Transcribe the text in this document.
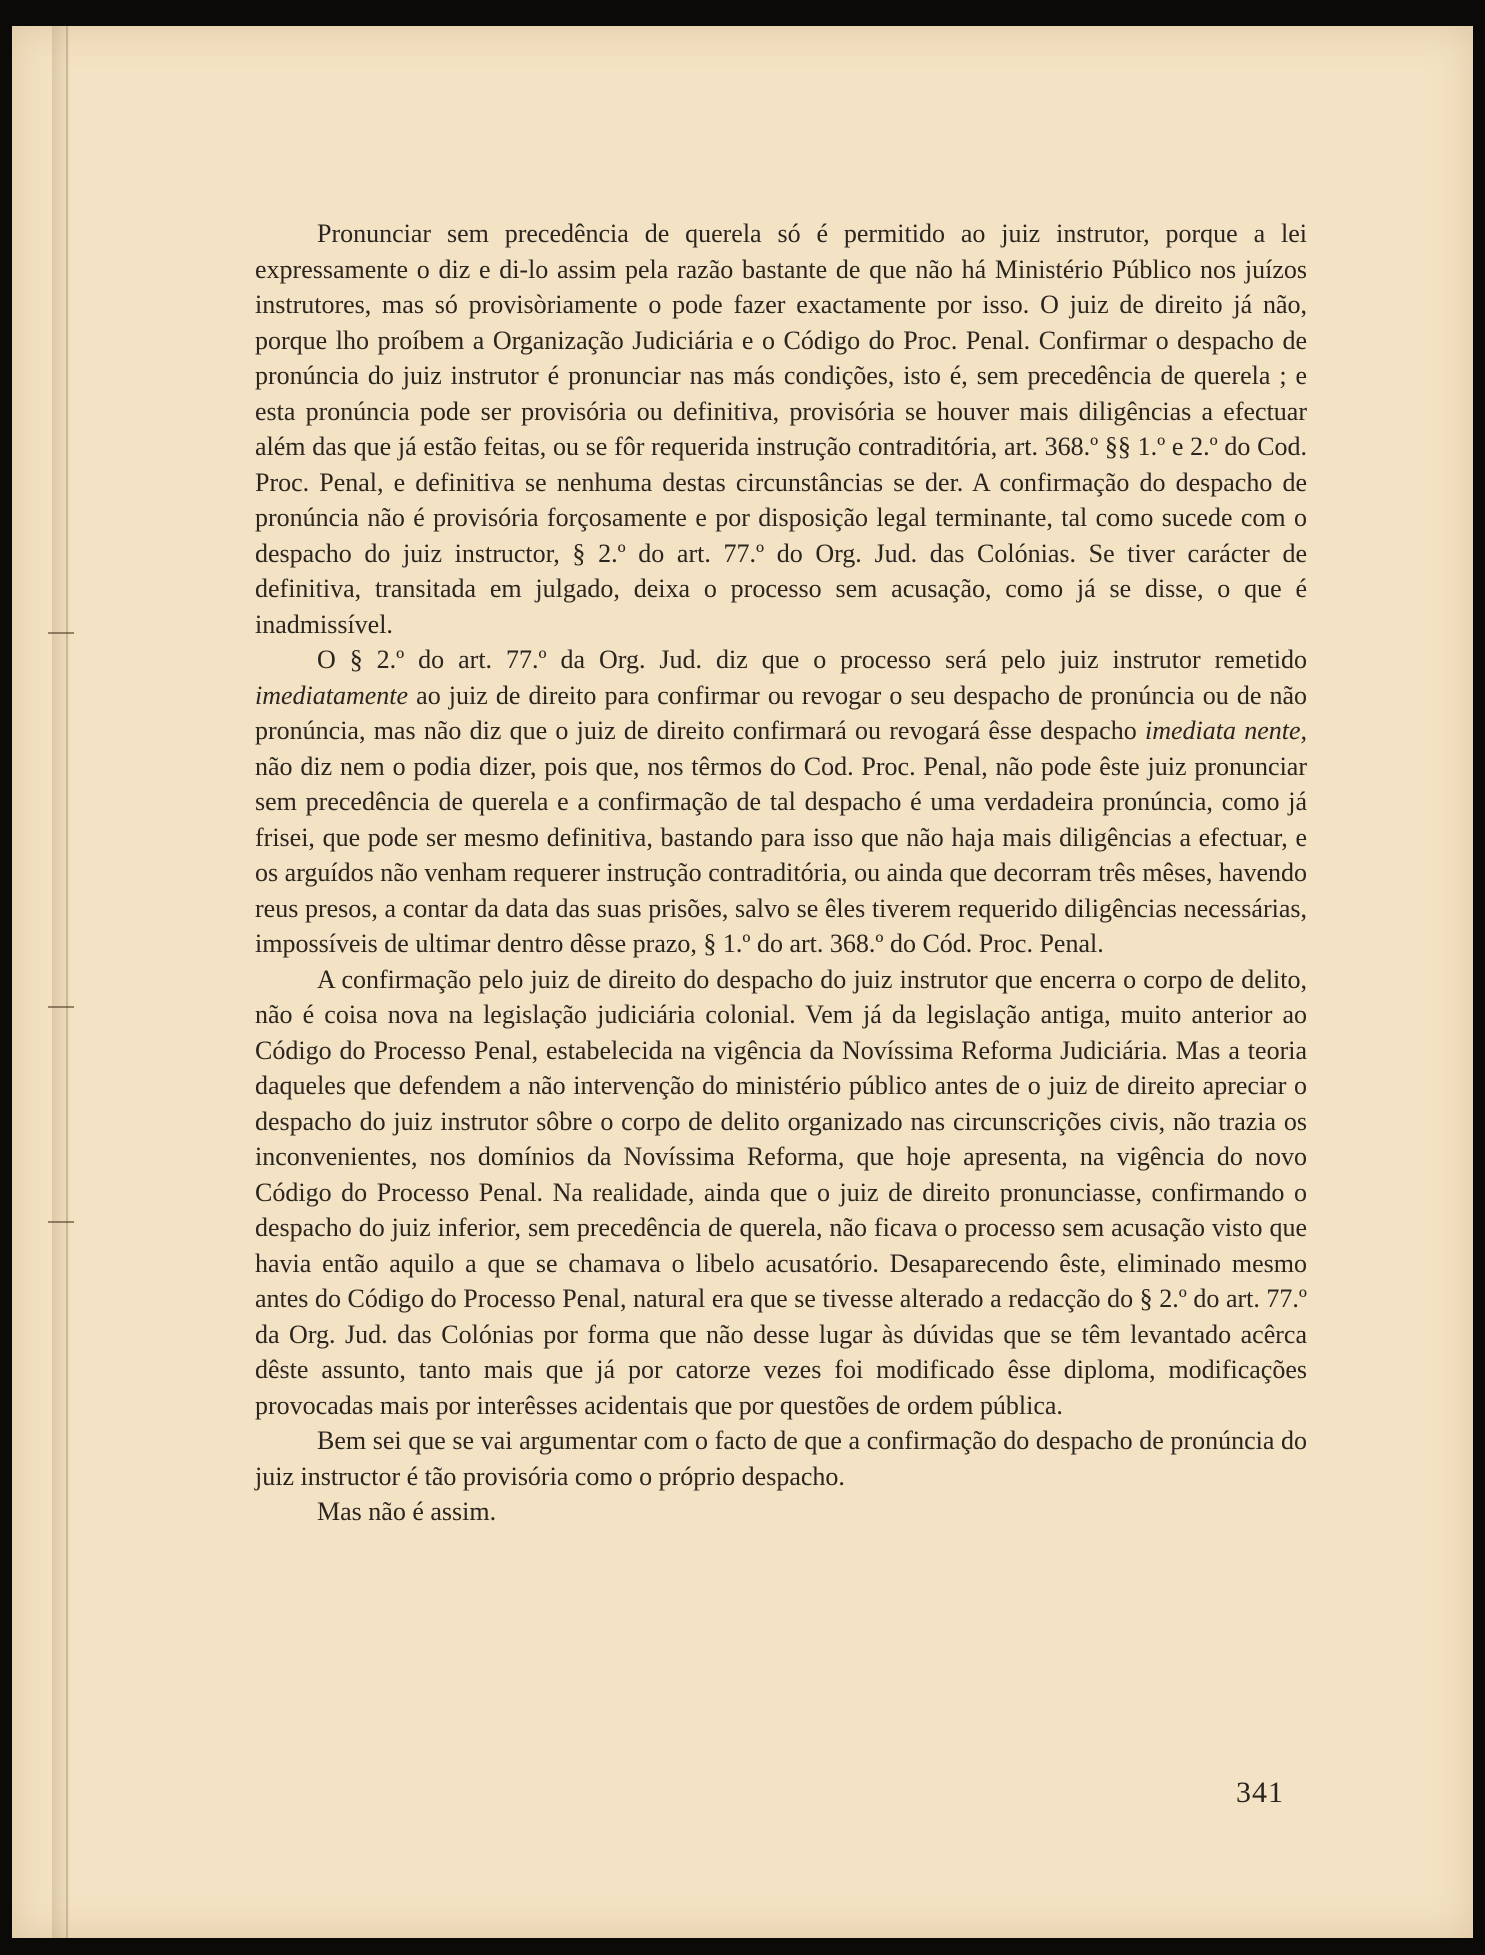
Pronunciar sem precedência de querela só é permitido ao juiz instrutor, porque a lei expressamente o diz e di-lo assim pela razão bastante de que não há Ministério Público nos juízos instrutores, mas só provisòriamente o pode fazer exactamente por isso. O juiz de direito já não, porque lho proíbem a Organização Judiciária e o Código do Proc. Penal. Confirmar o despacho de pronúncia do juiz instrutor é pronunciar nas más condições, isto é, sem precedência de querela ; e esta pronúncia pode ser provisória ou definitiva, provisória se houver mais diligências a efectuar além das que já estão feitas, ou se fôr requerida instrução contraditória, art. 368.º §§ 1.º e 2.º do Cod. Proc. Penal, e definitiva se nenhuma destas circunstâncias se der. A confirmação do despacho de pronúncia não é provisória forçosamente e por disposição legal terminante, tal como sucede com o despacho do juiz instructor, § 2.º do art. 77.º do Org. Jud. das Colónias. Se tiver carácter de definitiva, transitada em julgado, deixa o processo sem acusação, como já se disse, o que é inadmissível.

O § 2.º do art. 77.º da Org. Jud. diz que o processo será pelo juiz instrutor remetido imediatamente ao juiz de direito para confirmar ou revogar o seu despacho de pronúncia ou de não pronúncia, mas não diz que o juiz de direito confirmará ou revogará êsse despacho imediata nente, não diz nem o podia dizer, pois que, nos têrmos do Cod. Proc. Penal, não pode êste juiz pronunciar sem precedência de querela e a confirmação de tal despacho é uma verdadeira pronúncia, como já frisei, que pode ser mesmo definitiva, bastando para isso que não haja mais diligências a efectuar, e os arguídos não venham requerer instrução contraditória, ou ainda que decorram três mêses, havendo reus presos, a contar da data das suas prisões, salvo se êles tiverem requerido diligências necessárias, impossíveis de ultimar dentro dêsse prazo, § 1.º do art. 368.º do Cód. Proc. Penal.

A confirmação pelo juiz de direito do despacho do juiz instrutor que encerra o corpo de delito, não é coisa nova na legislação judiciária colonial. Vem já da legislação antiga, muito anterior ao Código do Processo Penal, estabelecida na vigência da Novíssima Reforma Judiciária. Mas a teoria daqueles que defendem a não intervenção do ministério público antes de o juiz de direito apreciar o despacho do juiz instrutor sôbre o corpo de delito organizado nas circunscrições civis, não trazia os inconvenientes, nos domínios da Novíssima Reforma, que hoje apresenta, na vigência do novo Código do Processo Penal. Na realidade, ainda que o juiz de direito pronunciasse, confirmando o despacho do juiz inferior, sem precedência de querela, não ficava o processo sem acusação visto que havia então aquilo a que se chamava o libelo acusatório. Desaparecendo êste, eliminado mesmo antes do Código do Processo Penal, natural era que se tivesse alterado a redacção do § 2.º do art. 77.º da Org. Jud. das Colónias por forma que não desse lugar às dúvidas que se têm levantado acêrca dêste assunto, tanto mais que já por catorze vezes foi modificado êsse diploma, modificações provocadas mais por interêsses acidentais que por questões de ordem pública.

Bem sei que se vai argumentar com o facto de que a confirmação do despacho de pronúncia do juiz instructor é tão provisória como o próprio despacho.

Mas não é assim.

341
